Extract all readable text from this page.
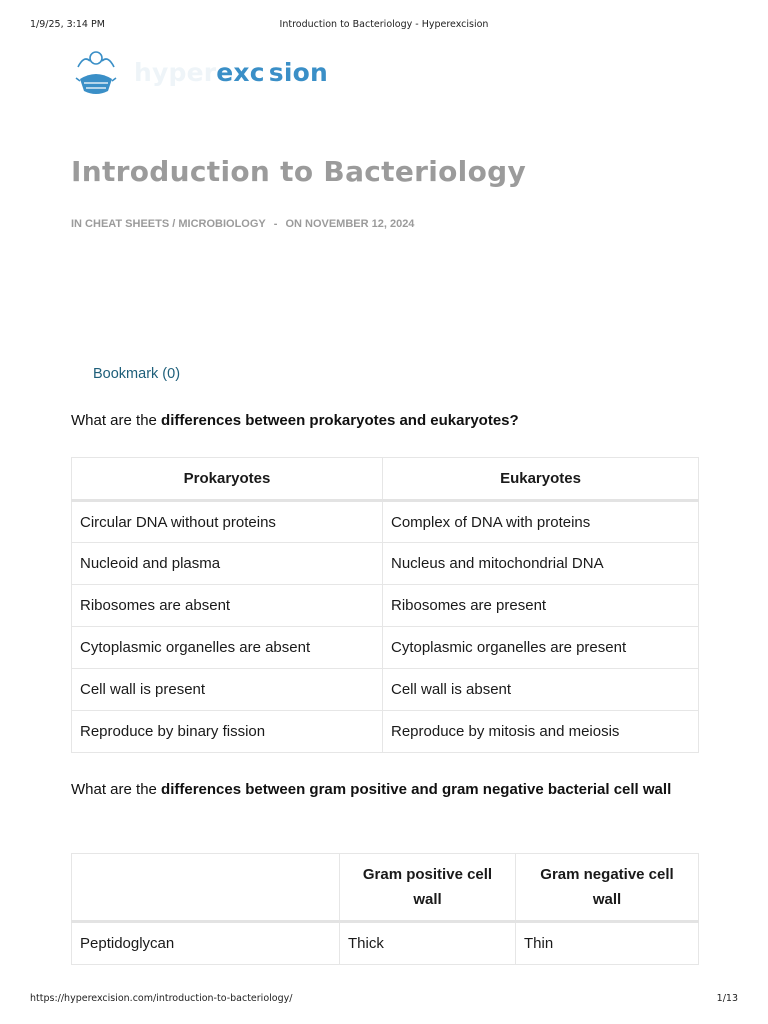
1/9/25, 3:14 PM	Introduction to Bacteriology - Hyperexcision
hyperexc sion
Introduction to Bacteriology
IN CHEAT SHEETS / MICROBIOLOGY - ON NOVEMBER 12, 2024
Bookmark (0)

What are the differences between prokaryotes and eukaryotes?

Prokaryotes	Eukaryotes
Circular DNA without proteins	Complex of DNA with proteins
Nucleoid and plasma	Nucleus and mitochondrial DNA
Ribosomes are absent	Ribosomes are present
Cytoplasmic organelles are absent	Cytoplasmic organelles are present
Cell wall is present	Cell wall is absent
Reproduce by binary fission	Reproduce by mitosis and meiosis

What are the differences between gram positive and gram negative bacterial cell wall

	Gram positive cell wall	Gram negative cell wall
Peptidoglycan	Thick	Thin
https://hyperexcision.com/introduction-to-bacteriology/	1/13
